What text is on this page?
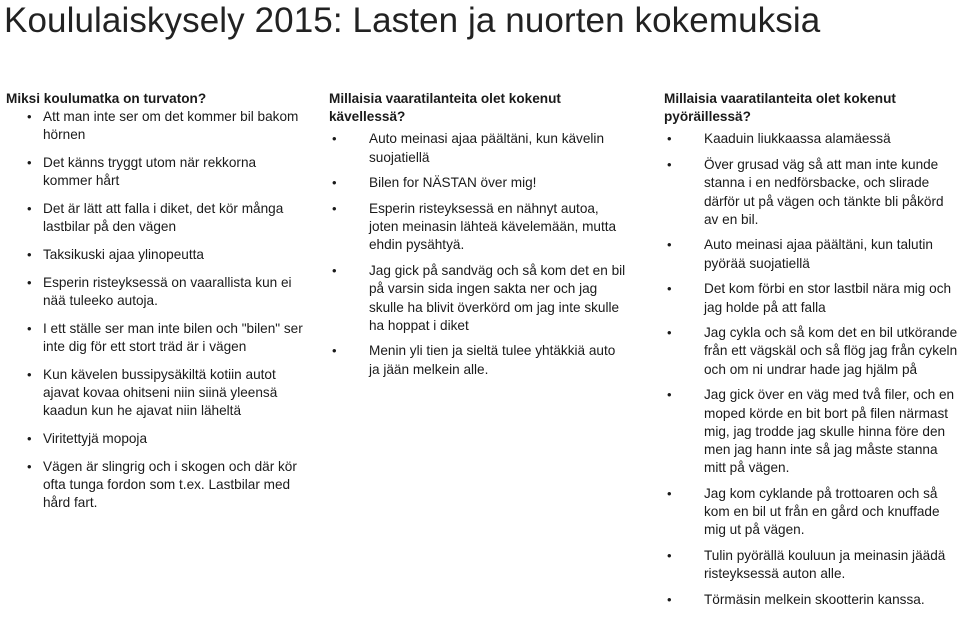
Koululaiskysely 2015: Lasten ja nuorten kokemuksia
Miksi koulumatka on turvaton?
• Att man inte ser om det kommer bil bakom hörnen
• Det känns tryggt utom när rekkorna kommer hårt
• Det är lätt att falla i diket, det kör många lastbilar på den vägen
• Taksikuski ajaa ylinopeutta
• Esperin risteyksessä on vaarallista kun ei nää tuleeko autoja.
• I ett ställe ser man inte bilen och "bilen" ser inte dig för ett stort träd är i vägen
• Kun kävelen bussipysäkiltä kotiin autot ajavat kovaa ohitseni niin siinä yleensä kaadun kun he ajavat niin läheltä
• Viritettyjä mopoja
• Vägen är slingrig och i skogen och där kör ofta tunga fordon som t.ex. Lastbilar med hård fart.
Millaisia vaaratilanteita olet kokenut kävellessä?
• Auto meinasi ajaa päältäni, kun kävelin suojatiellä
• Bilen for NÄSTAN över mig!
• Esperin risteyksessä en nähnyt autoa, joten meinasin lähteä kävelemään, mutta ehdin pysähtyä.
• Jag gick på sandväg och så kom det en bil på varsin sida ingen sakta ner och jag skulle ha blivit överkörd om jag inte skulle ha hoppat i diket
• Menin yli tien ja sieltä tulee yhtäkkiä auto ja jään melkein alle.
Millaisia vaaratilanteita olet kokenut pyöräillessä?
• Kaaduin liukkaassa alamäessä
• Över grusad väg så att man inte kunde stanna i en nedförsbacke, och slirade därför ut på vägen och tänkte bli påkörd av en bil.
• Auto meinasi ajaa päältäni, kun talutin pyörää suojatiellä
• Det kom förbi en stor lastbil nära mig och jag holde på att falla
• Jag cykla och så kom det en bil utkörande från ett vägskäl och så flög jag från cykeln och om ni undrar hade jag hjälm på
• Jag gick över en väg med två filer, och en moped körde en bit bort på filen närmast mig, jag trodde jag skulle hinna före den men jag hann inte så jag måste stanna mitt på vägen.
• Jag kom cyklande på trottoaren och så kom en bil ut från en gård och knuffade mig ut på vägen.
• Tulin pyörällä kouluun ja meinasin jäädä risteyksessä auton alle.
• Törmäsin melkein skootterin kanssa.
